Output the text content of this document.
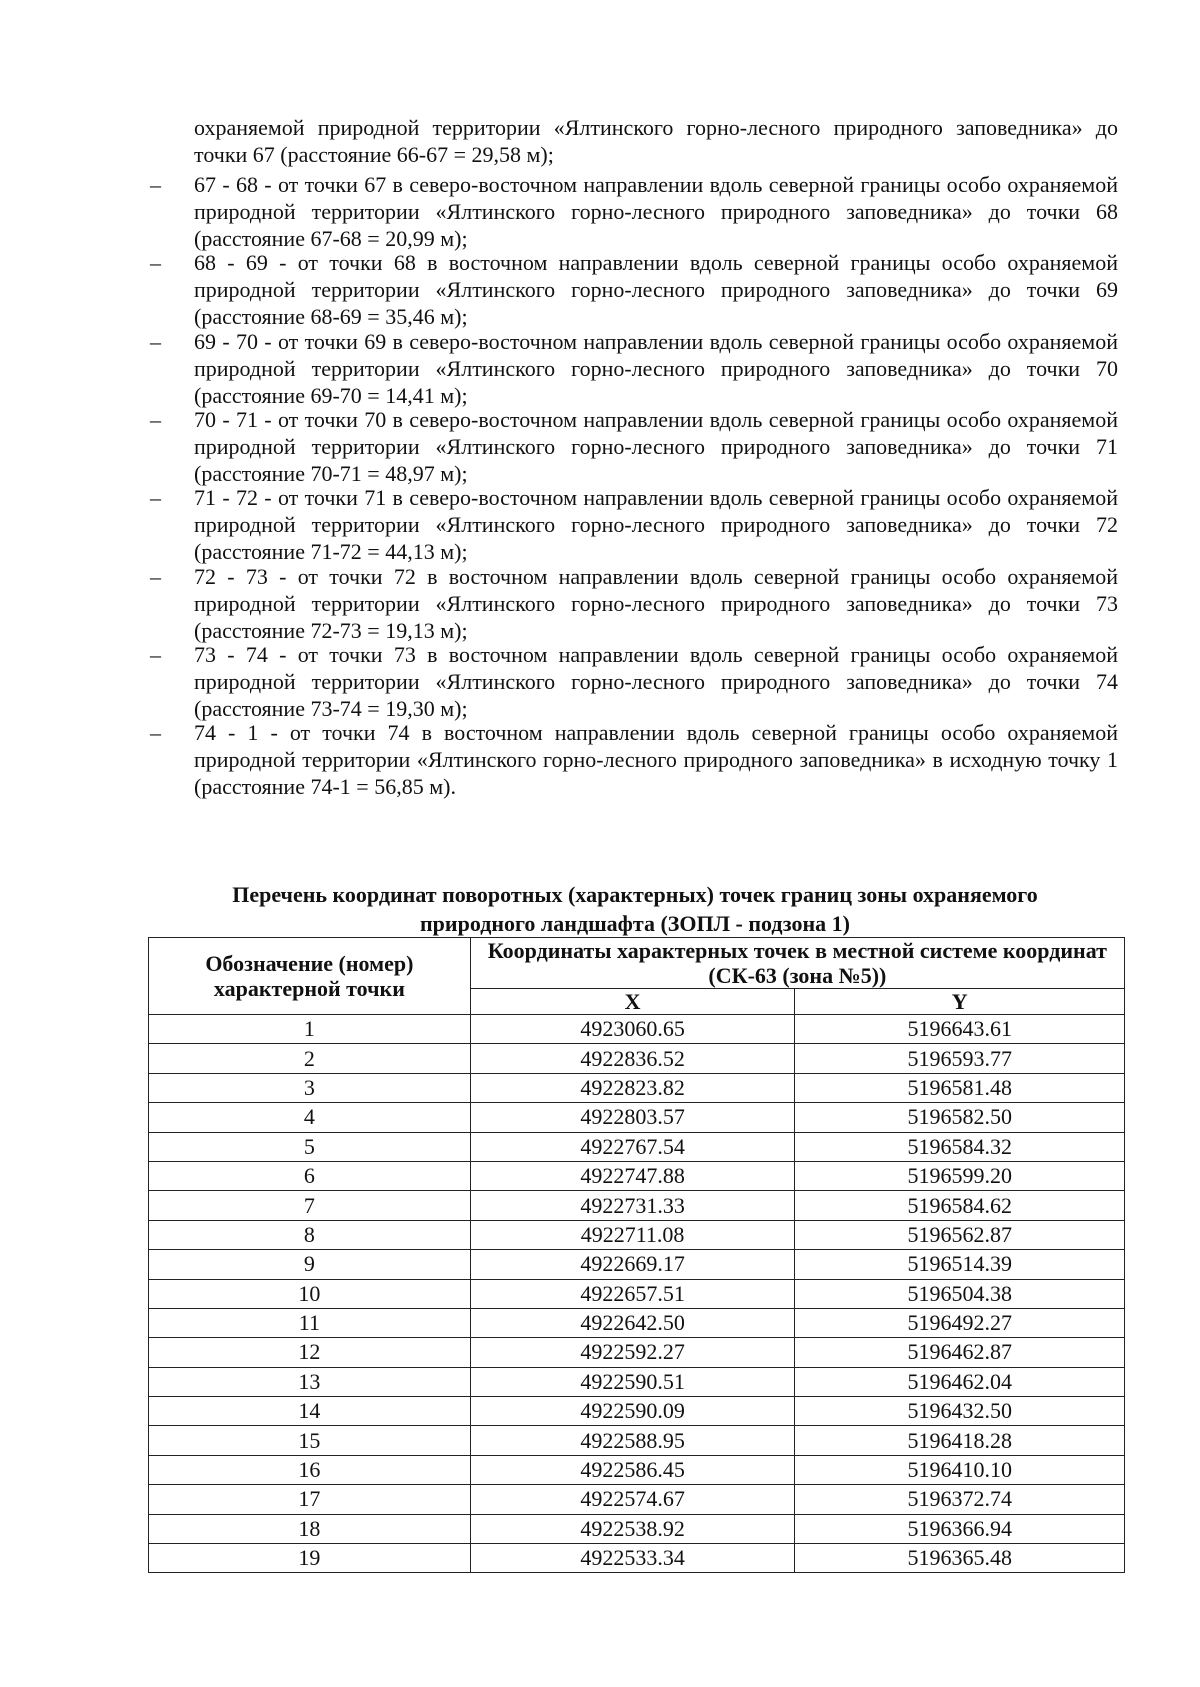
охраняемой природной территории «Ялтинского горно-лесного природного заповедника» до точки 67 (расстояние 66-67 = 29,58 м);

– 67 - 68 - от точки 67 в северо-восточном направлении вдоль северной границы особо охраняемой природной территории «Ялтинского горно-лесного природного заповедника» до точки 68 (расстояние 67-68 = 20,99 м);

– 68 - 69 - от точки 68 в восточном направлении вдоль северной границы особо охраняемой природной территории «Ялтинского горно-лесного природного заповедника» до точки 69 (расстояние 68-69 = 35,46 м);

– 69 - 70 - от точки 69 в северо-восточном направлении вдоль северной границы особо охраняемой природной территории «Ялтинского горно-лесного природного заповедника» до точки 70 (расстояние 69-70 = 14,41 м);

– 70 - 71 - от точки 70 в северо-восточном направлении вдоль северной границы особо охраняемой природной территории «Ялтинского горно-лесного природного заповедника» до точки 71 (расстояние 70-71 = 48,97 м);

– 71 - 72 - от точки 71 в северо-восточном направлении вдоль северной границы особо охраняемой природной территории «Ялтинского горно-лесного природного заповедника» до точки 72 (расстояние 71-72 = 44,13 м);

– 72 - 73 - от точки 72 в восточном направлении вдоль северной границы особо охраняемой природной территории «Ялтинского горно-лесного природного заповедника» до точки 73 (расстояние 72-73 = 19,13 м);

– 73 - 74 - от точки 73 в восточном направлении вдоль северной границы особо охраняемой природной территории «Ялтинского горно-лесного природного заповедника» до точки 74 (расстояние 73-74 = 19,30 м);

– 74 - 1 - от точки 74 в восточном направлении вдоль северной границы особо охраняемой природной территории «Ялтинского горно-лесного природного заповедника» в исходную точку 1 (расстояние 74-1 = 56,85 м).

Перечень координат поворотных (характерных) точек границ зоны охраняемого
природного ландшафта (ЗОПЛ - подзона 1)
Обозначение (номер) характерной точки	Координаты характерных точек в местной системе координат (СК-63 (зона №5))	
	X	Y
1	4923060.65	5196643.61
2	4922836.52	5196593.77
3	4922823.82	5196581.48
4	4922803.57	5196582.50
5	4922767.54	5196584.32
6	4922747.88	5196599.20
7	4922731.33	5196584.62
8	4922711.08	5196562.87
9	4922669.17	5196514.39
10	4922657.51	5196504.38
11	4922642.50	5196492.27
12	4922592.27	5196462.87
13	4922590.51	5196462.04
14	4922590.09	5196432.50
15	4922588.95	5196418.28
16	4922586.45	5196410.10
17	4922574.67	5196372.74
18	4922538.92	5196366.94
19	4922533.34	5196365.48
